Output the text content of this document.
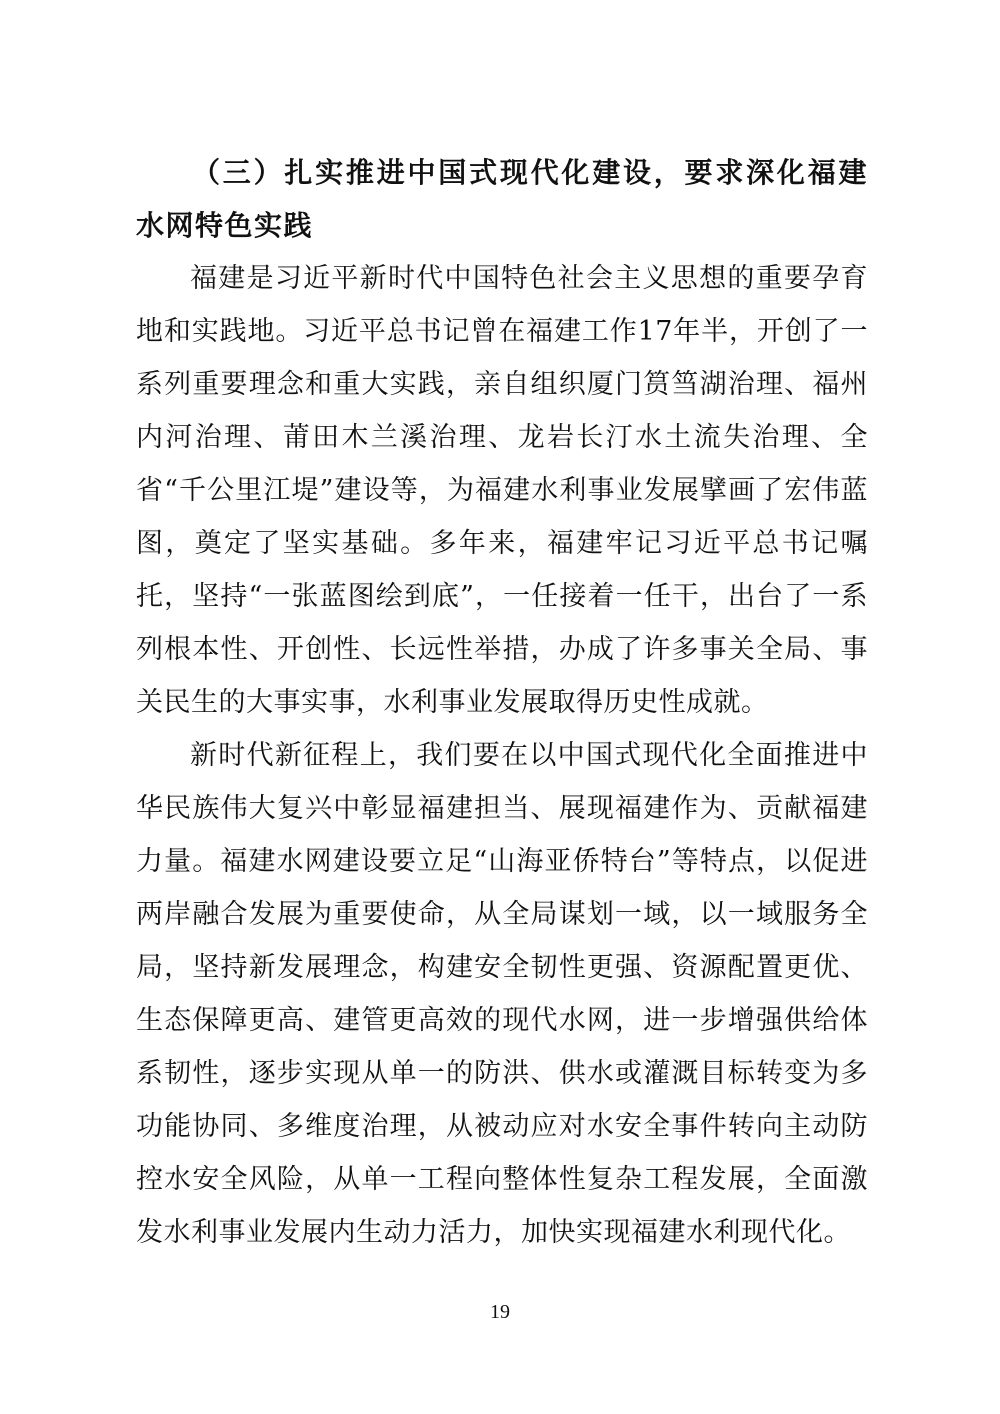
（三）扎实推进中国式现代化建设，要求深化福建水网特色实践

福建是习近平新时代中国特色社会主义思想的重要孕育地和实践地。习近平总书记曾在福建工作17年半，开创了一系列重要理念和重大实践，亲自组织厦门筼筜湖治理、福州内河治理、莆田木兰溪治理、龙岩长汀水土流失治理、全省“千公里江堤”建设等，为福建水利事业发展擘画了宏伟蓝图，奠定了坚实基础。多年来，福建牢记习近平总书记嘱托，坚持“一张蓝图绘到底”，一任接着一任干，出台了一系列根本性、开创性、长远性举措，办成了许多事关全局、事关民生的大事实事，水利事业发展取得历史性成就。

新时代新征程上，我们要在以中国式现代化全面推进中华民族伟大复兴中彰显福建担当、展现福建作为、贡献福建力量。福建水网建设要立足“山海亚侨特台”等特点，以促进两岸融合发展为重要使命，从全局谋划一域，以一域服务全局，坚持新发展理念，构建安全韧性更强、资源配置更优、生态保障更高、建管更高效的现代水网，进一步增强供给体系韧性，逐步实现从单一的防洪、供水或灌溉目标转变为多功能协同、多维度治理，从被动应对水安全事件转向主动防控水安全风险，从单一工程向整体性复杂工程发展，全面激发水利事业发展内生动力活力，加快实现福建水利现代化。

19
